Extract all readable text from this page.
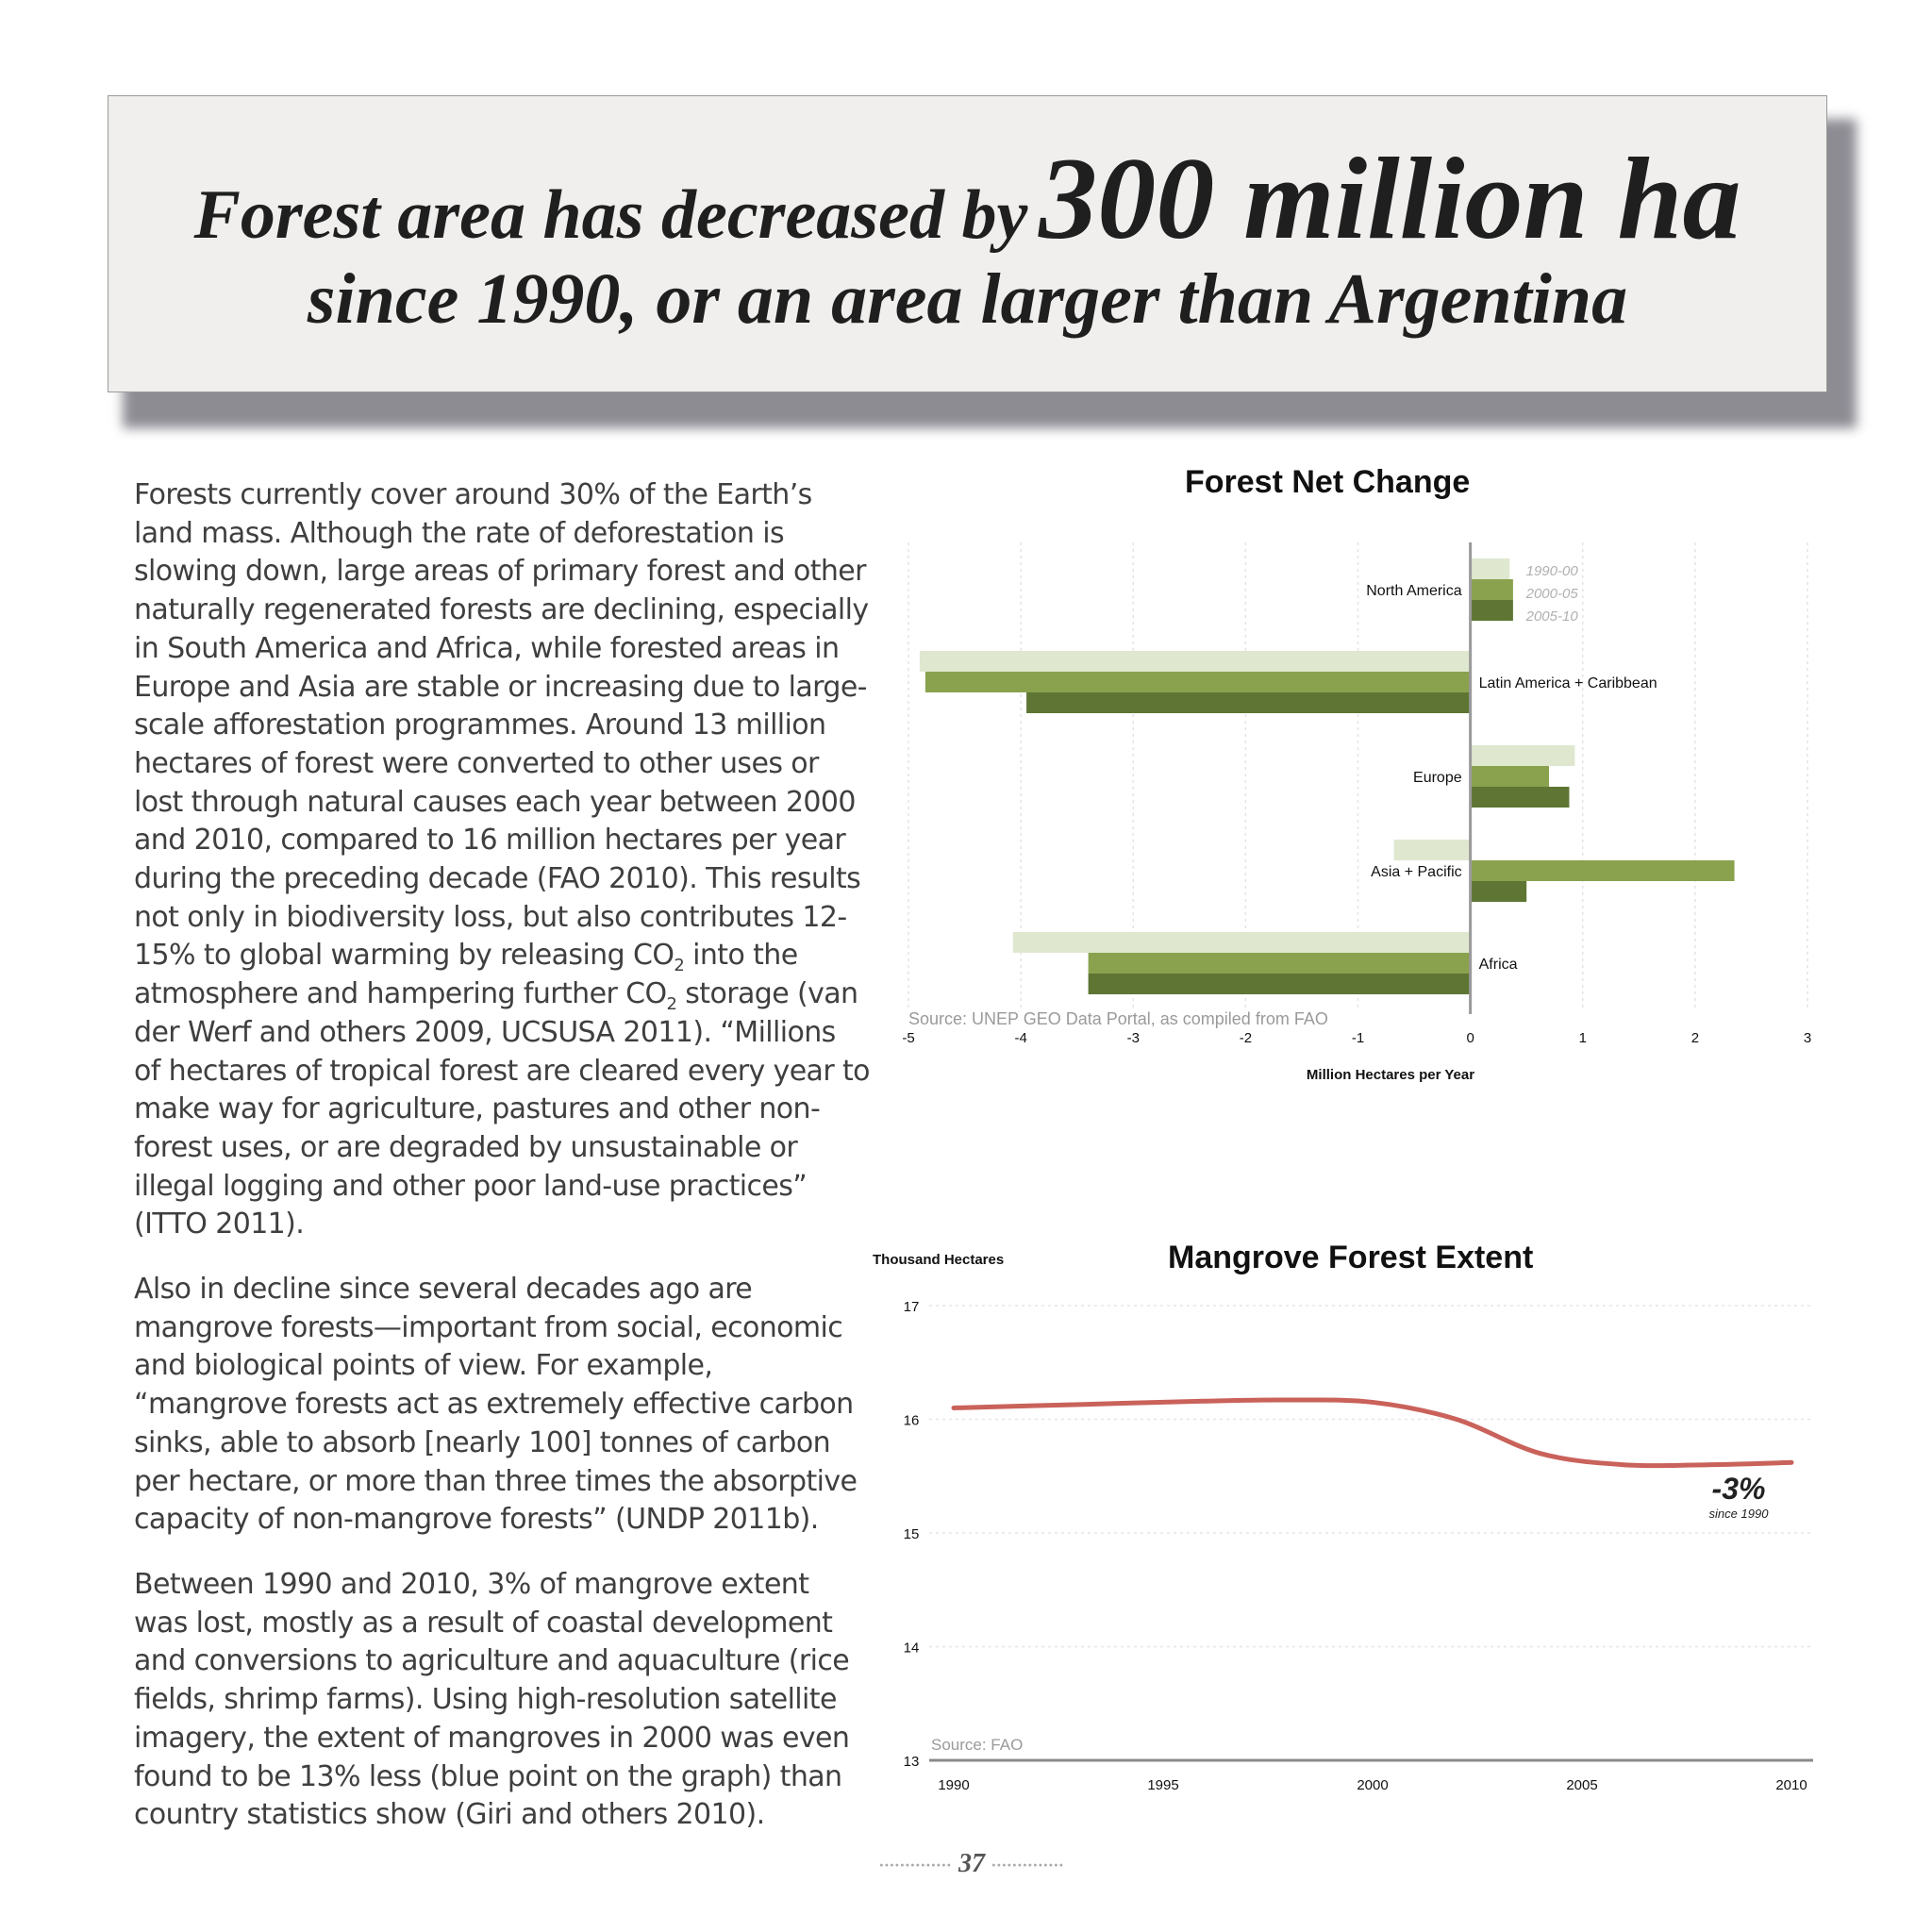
Forest area has decreased by300 million ha
since 1990, or an area larger than Argentina

Forests currently cover around 30% of the Earth’s land mass. Although the rate of deforestation is slowing down, large areas of primary forest and other naturally regenerated forests are declining, especially in South America and Africa, while forested areas in Europe and Asia are stable or increasing due to large-scale afforestation programmes. Around 13 million hectares of forest were converted to other uses or lost through natural causes each year between 2000 and 2010, compared to 16 million hectares per year during the preceding decade (FAO 2010). This results not only in biodiversity loss, but also contributes 12-15% to global warming by releasing $CO_2$ into the atmosphere and hampering further $CO_2$ storage (van der Werf and others 2009, UCSUSA 2011). “Millions of hectares of tropical forest are cleared every year to make way for agriculture, pastures and other non-forest uses, or are degraded by unsustainable or illegal logging and other poor land-use practices” (ITTO 2011).

Also in decline since several decades ago are mangrove forests—important from social, economic and biological points of view. For example, “mangrove forests act as extremely effective carbon sinks, able to absorb [nearly 100] tonnes of carbon per hectare, or more than three times the absorptive capacity of non-mangrove forests” (UNDP 2011b).

Between 1990 and 2010, 3% of mangrove extent was lost, mostly as a result of coastal development and conversions to agriculture and aquaculture (rice ﬁelds, shrimp farms). Using high-resolution satellite imagery, the extent of mangroves in 2000 was even found to be 13% less (blue point on the graph) than country statistics show (Giri and others 2010).

Forest Net Change
-5	-4	-3	-2	-1	0	1	2	3
North America
Latin America + Caribbean
Europe
Asia + Pacific
Africa
1990-00
2000-05
2005-10
Source: UNEP GEO Data Portal, as compiled from FAO
Million Hectares per Year
Thousand Hectares
17
16
15
14
13
1990	1995	2000	2005	2010
Source: FAO
-3%
since 1990
Mangrove Forest Extent
·············· 37 ··············
